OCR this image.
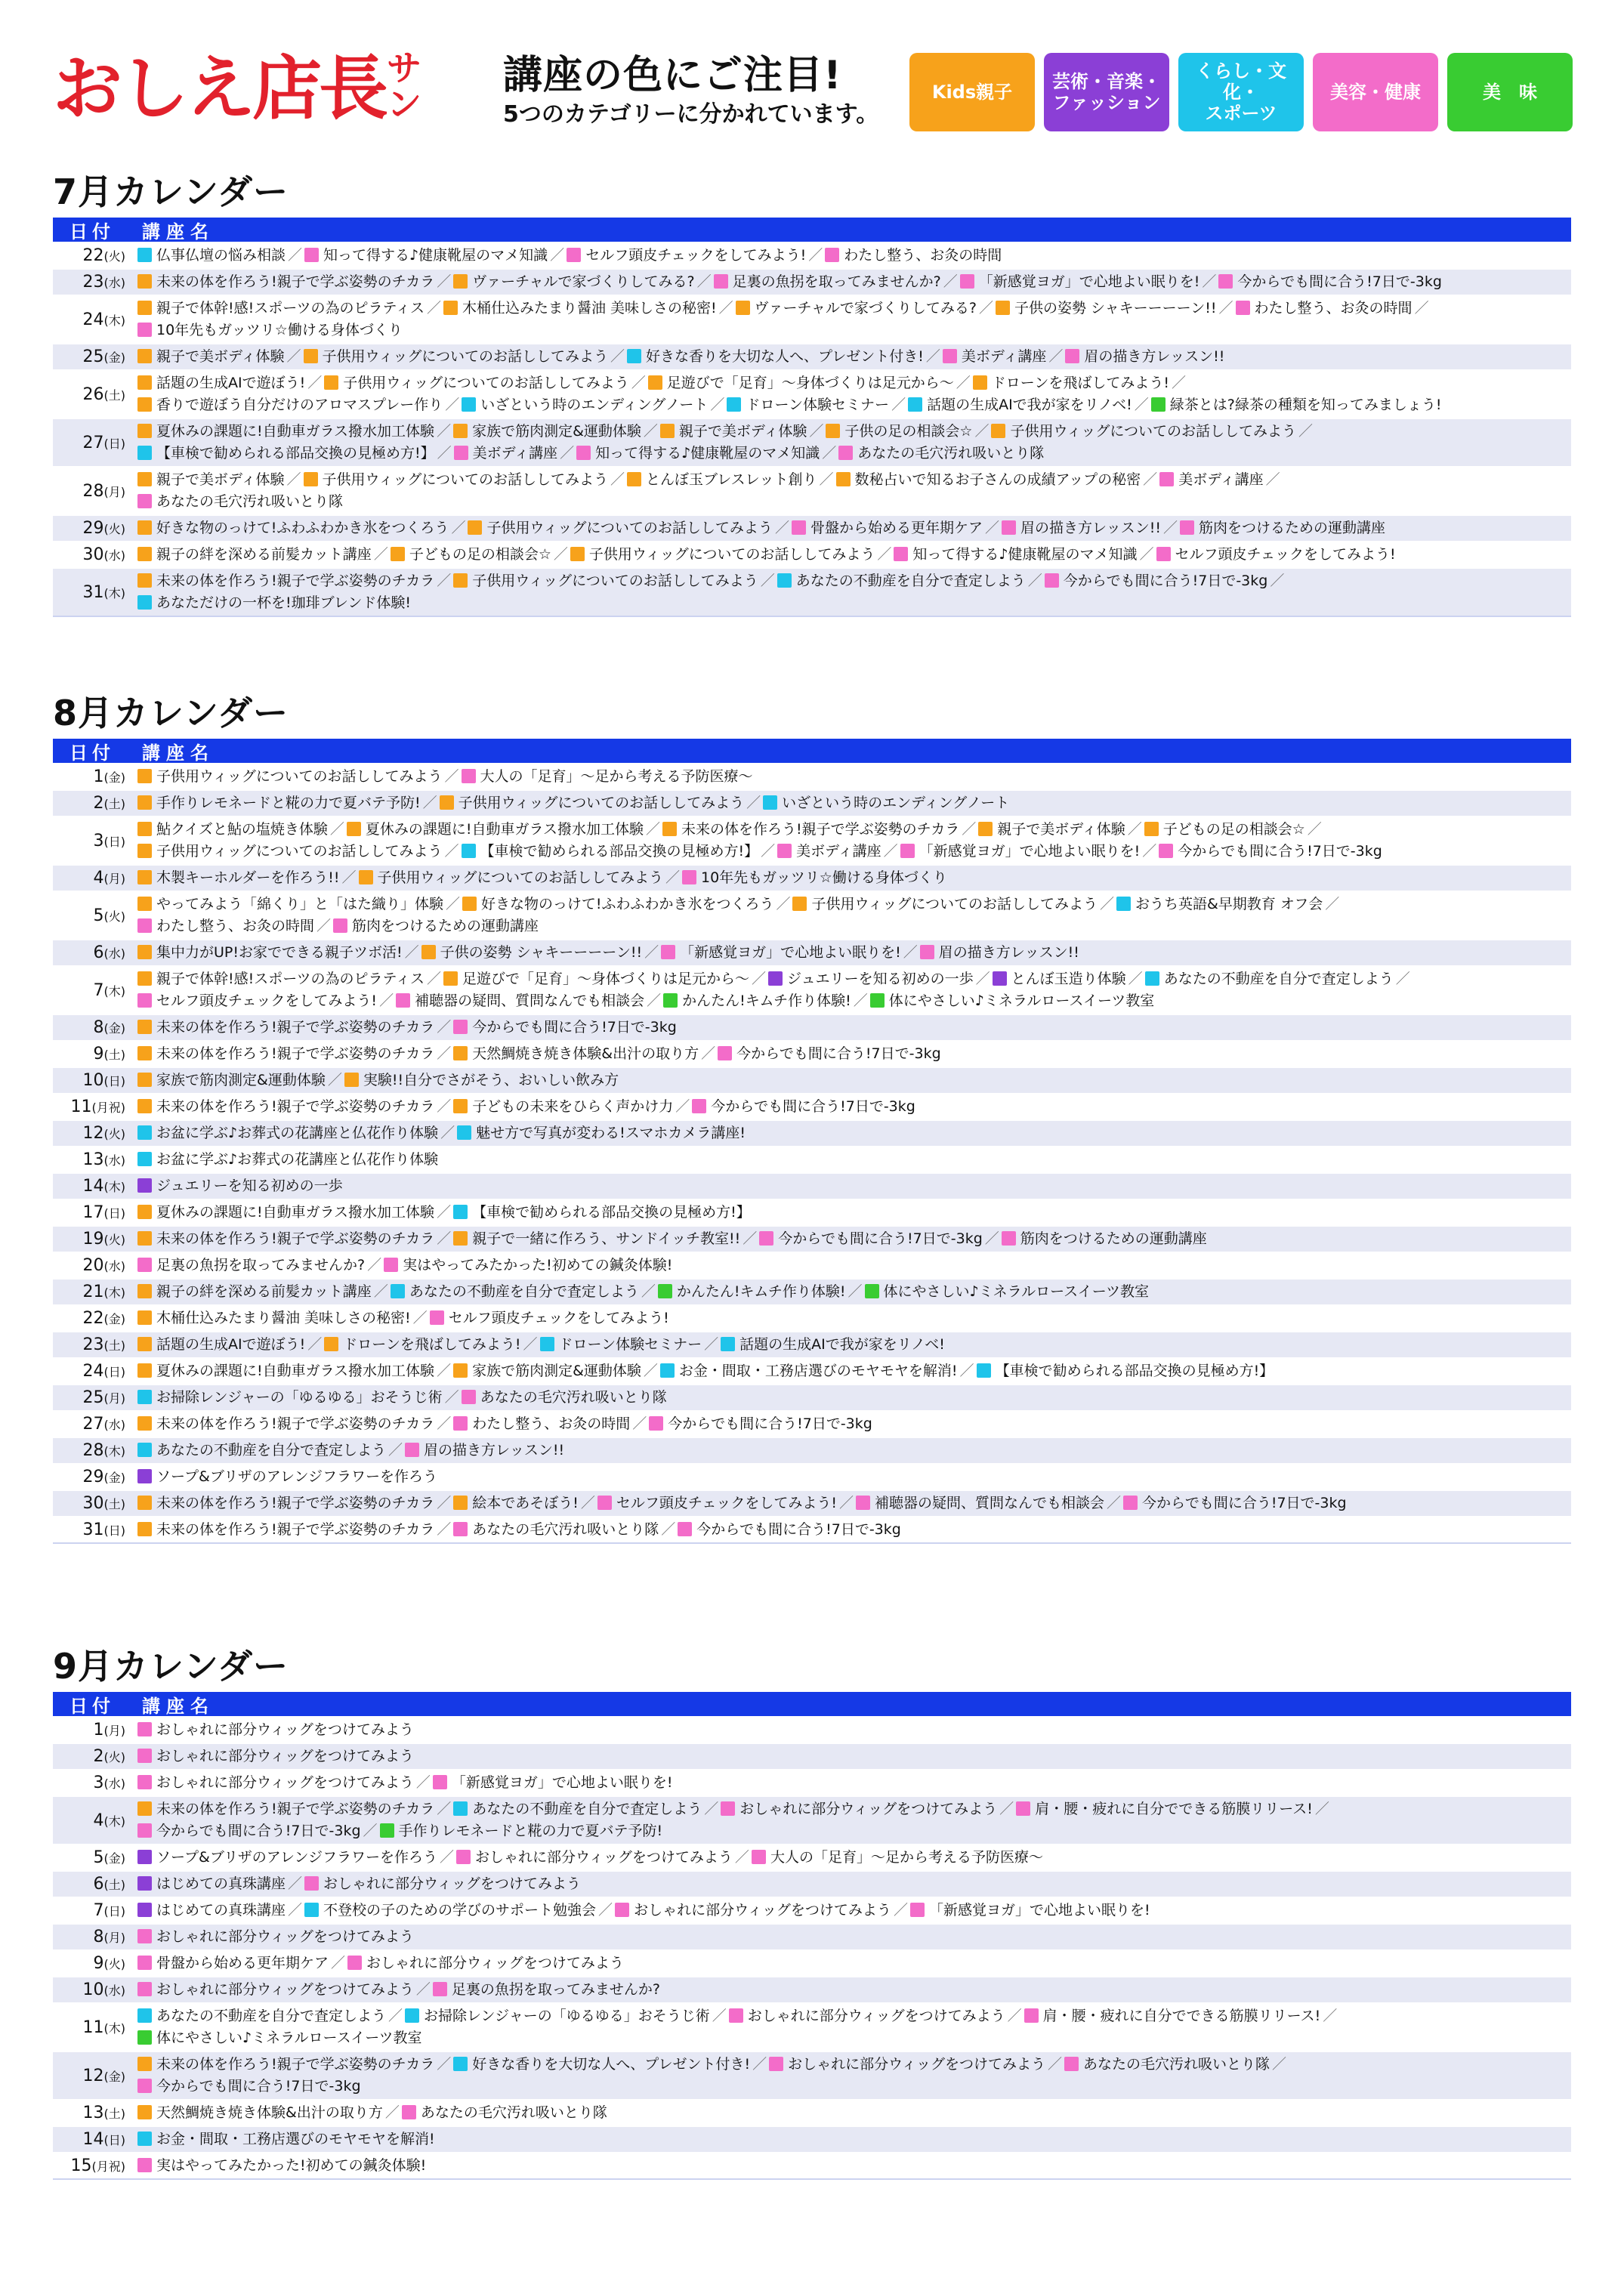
おしえ店長 サン
講座の色にご注目!
5つのカテゴリーに分かれています。
Kids親子	芸術・音楽・
ファッション
くらし・文化・
スポーツ
美容・健康	美　味
7月カレンダー
日付	講座名
22(火)	仏事仏壇の悩み相談 ／ 知って得する♪健康靴屋のマメ知識 ／ セルフ頭皮チェックをしてみよう! ／ わたし整う、お灸の時間
23(水)	未来の体を作ろう!親子で学ぶ姿勢のチカラ ／ ヴァーチャルで家づくりしてみる? ／ 足裏の魚拐を取ってみませんか? ／ 「新感覚ヨガ」で心地よい眠りを! ／ 今からでも間に合う!7日で-3kg
24(木)
親子で体幹!感!スポーツの為のピラティス ／ 木桶仕込みたまり醤油 美味しさの秘密! ／ ヴァーチャルで家づくりしてみる? ／ 子供の姿勢 シャキーーーーン!! ／ わたし整う、お灸の時間 ／
10年先もガッツリ☆働ける身体づくり
25(金)	親子で美ボディ体験 ／ 子供用ウィッグについてのお話ししてみよう ／ 好きな香りを大切な人へ、プレゼント付き! ／ 美ボディ講座 ／ 眉の描き方レッスン!!
26(土)
話題の生成AIで遊ぼう! ／ 子供用ウィッグについてのお話ししてみよう ／ 足遊びで「足育」〜身体づくりは足元から〜 ／ ドローンを飛ばしてみよう! ／
香りで遊ぼう自分だけのアロマスプレー作り ／ いざという時のエンディングノート ／ ドローン体験セミナー ／ 話題の生成AIで我が家をリノベ! ／ 緑茶とは?緑茶の種類を知ってみましょう!
27(日)
夏休みの課題に!自動車ガラス撥水加工体験 ／ 家族で筋肉測定&運動体験 ／ 親子で美ボディ体験 ／ 子供の足の相談会☆ ／ 子供用ウィッグについてのお話ししてみよう ／
【車検で勧められる部品交換の見極め方!】 ／ 美ボディ講座 ／ 知って得する♪健康靴屋のマメ知識 ／ あなたの毛穴汚れ吸いとり隊
28(月)
親子で美ボディ体験 ／ 子供用ウィッグについてのお話ししてみよう ／ とんぼ玉ブレスレット創り ／ 数秘占いで知るお子さんの成績アップの秘密 ／ 美ボディ講座 ／
あなたの毛穴汚れ吸いとり隊
29(火)	好きな物のっけて!ふわふわかき氷をつくろう ／ 子供用ウィッグについてのお話ししてみよう ／ 骨盤から始める更年期ケア ／ 眉の描き方レッスン!! ／ 筋肉をつけるための運動講座
30(水)	親子の絆を深める前髪カット講座 ／ 子どもの足の相談会☆ ／ 子供用ウィッグについてのお話ししてみよう ／ 知って得する♪健康靴屋のマメ知識 ／ セルフ頭皮チェックをしてみよう!
31(木)
未来の体を作ろう!親子で学ぶ姿勢のチカラ ／ 子供用ウィッグについてのお話ししてみよう ／ あなたの不動産を自分で査定しよう ／ 今からでも間に合う!7日で-3kg ／
あなただけの一杯を!珈琲ブレンド体験!
8月カレンダー
日付	講座名
1(金)	子供用ウィッグについてのお話ししてみよう ／ 大人の「足育」〜足から考える予防医療〜
2(土)	手作りレモネードと糀の力で夏バテ予防! ／ 子供用ウィッグについてのお話ししてみよう ／ いざという時のエンディングノート
3(日)
鮎クイズと鮎の塩焼き体験 ／ 夏休みの課題に!自動車ガラス撥水加工体験 ／ 未来の体を作ろう!親子で学ぶ姿勢のチカラ ／ 親子で美ボディ体験 ／ 子どもの足の相談会☆ ／
子供用ウィッグについてのお話ししてみよう ／ 【車検で勧められる部品交換の見極め方!】 ／ 美ボディ講座 ／ 「新感覚ヨガ」で心地よい眠りを! ／ 今からでも間に合う!7日で-3kg
4(月)	木製キーホルダーを作ろう!! ／ 子供用ウィッグについてのお話ししてみよう ／ 10年先もガッツリ☆働ける身体づくり
5(火)
やってみよう「綿くり」と「はた織り」体験 ／ 好きな物のっけて!ふわふわかき氷をつくろう ／ 子供用ウィッグについてのお話ししてみよう ／ おうち英語&早期教育 オフ会 ／
わたし整う、お灸の時間 ／ 筋肉をつけるための運動講座
6(水)	集中力がUP!お家でできる親子ツボ活! ／ 子供の姿勢 シャキーーーーン!! ／ 「新感覚ヨガ」で心地よい眠りを! ／ 眉の描き方レッスン!!
7(木)
親子で体幹!感!スポーツの為のピラティス ／ 足遊びで「足育」〜身体づくりは足元から〜 ／ ジュエリーを知る初めの一歩 ／ とんぼ玉造り体験 ／ あなたの不動産を自分で査定しよう ／
セルフ頭皮チェックをしてみよう! ／ 補聴器の疑問、質問なんでも相談会 ／ かんたん!キムチ作り体験! ／ 体にやさしい♪ミネラルロースイーツ教室
8(金)	未来の体を作ろう!親子で学ぶ姿勢のチカラ ／ 今からでも間に合う!7日で-3kg
9(土)	未来の体を作ろう!親子で学ぶ姿勢のチカラ ／ 天然鯛焼き焼き体験&出汁の取り方 ／ 今からでも間に合う!7日で-3kg
10(日)	家族で筋肉測定&運動体験 ／ 実験!!自分でさがそう、おいしい飲み方
11(月祝)	未来の体を作ろう!親子で学ぶ姿勢のチカラ ／ 子どもの未来をひらく声かけ力 ／ 今からでも間に合う!7日で-3kg
12(火)	お盆に学ぶ♪お葬式の花講座と仏花作り体験 ／ 魅せ方で写真が変わる!スマホカメラ講座!
13(水)	お盆に学ぶ♪お葬式の花講座と仏花作り体験
14(木)	ジュエリーを知る初めの一歩
17(日)	夏休みの課題に!自動車ガラス撥水加工体験 ／ 【車検で勧められる部品交換の見極め方!】
19(火)	未来の体を作ろう!親子で学ぶ姿勢のチカラ ／ 親子で一緒に作ろう、サンドイッチ教室!! ／ 今からでも間に合う!7日で-3kg ／ 筋肉をつけるための運動講座
20(水)	足裏の魚拐を取ってみませんか? ／ 実はやってみたかった!初めての鍼灸体験!
21(木)	親子の絆を深める前髪カット講座 ／ あなたの不動産を自分で査定しよう ／ かんたん!キムチ作り体験! ／ 体にやさしい♪ミネラルロースイーツ教室
22(金)	木桶仕込みたまり醤油 美味しさの秘密! ／ セルフ頭皮チェックをしてみよう!
23(土)	話題の生成AIで遊ぼう! ／ ドローンを飛ばしてみよう! ／ ドローン体験セミナー ／ 話題の生成AIで我が家をリノベ!
24(日)	夏休みの課題に!自動車ガラス撥水加工体験 ／ 家族で筋肉測定&運動体験 ／ お金・間取・工務店選びのモヤモヤを解消! ／ 【車検で勧められる部品交換の見極め方!】
25(月)	お掃除レンジャーの「ゆるゆる」おそうじ術 ／ あなたの毛穴汚れ吸いとり隊
27(水)	未来の体を作ろう!親子で学ぶ姿勢のチカラ ／ わたし整う、お灸の時間 ／ 今からでも間に合う!7日で-3kg
28(木)	あなたの不動産を自分で査定しよう ／ 眉の描き方レッスン!!
29(金)	ソープ&ブリザのアレンジフラワーを作ろう
30(土)	未来の体を作ろう!親子で学ぶ姿勢のチカラ ／ 絵本であそぼう! ／ セルフ頭皮チェックをしてみよう! ／ 補聴器の疑問、質問なんでも相談会 ／ 今からでも間に合う!7日で-3kg
31(日)	未来の体を作ろう!親子で学ぶ姿勢のチカラ ／ あなたの毛穴汚れ吸いとり隊 ／ 今からでも間に合う!7日で-3kg
9月カレンダー
日付	講座名
1(月)	おしゃれに部分ウィッグをつけてみよう
2(火)	おしゃれに部分ウィッグをつけてみよう
3(水)	おしゃれに部分ウィッグをつけてみよう ／ 「新感覚ヨガ」で心地よい眠りを!
4(木)
未来の体を作ろう!親子で学ぶ姿勢のチカラ ／ あなたの不動産を自分で査定しよう ／ おしゃれに部分ウィッグをつけてみよう ／ 肩・腰・疲れに自分でできる筋膜リリース! ／
今からでも間に合う!7日で-3kg ／ 手作りレモネードと糀の力で夏バテ予防!
5(金)	ソープ&ブリザのアレンジフラワーを作ろう ／ おしゃれに部分ウィッグをつけてみよう ／ 大人の「足育」〜足から考える予防医療〜
6(土)	はじめての真珠講座 ／ おしゃれに部分ウィッグをつけてみよう
7(日)	はじめての真珠講座 ／ 不登校の子のための学びのサポート勉強会 ／ おしゃれに部分ウィッグをつけてみよう ／ 「新感覚ヨガ」で心地よい眠りを!
8(月)	おしゃれに部分ウィッグをつけてみよう
9(火)	骨盤から始める更年期ケア ／ おしゃれに部分ウィッグをつけてみよう
10(水)	おしゃれに部分ウィッグをつけてみよう ／ 足裏の魚拐を取ってみませんか?
11(木)
あなたの不動産を自分で査定しよう ／ お掃除レンジャーの「ゆるゆる」おそうじ術 ／ おしゃれに部分ウィッグをつけてみよう ／ 肩・腰・疲れに自分でできる筋膜リリース! ／
体にやさしい♪ミネラルロースイーツ教室
12(金)
未来の体を作ろう!親子で学ぶ姿勢のチカラ ／ 好きな香りを大切な人へ、プレゼント付き! ／ おしゃれに部分ウィッグをつけてみよう ／ あなたの毛穴汚れ吸いとり隊 ／
今からでも間に合う!7日で-3kg
13(土)	天然鯛焼き焼き体験&出汁の取り方 ／ あなたの毛穴汚れ吸いとり隊
14(日)	お金・間取・工務店選びのモヤモヤを解消!
15(月祝)	実はやってみたかった!初めての鍼灸体験!
